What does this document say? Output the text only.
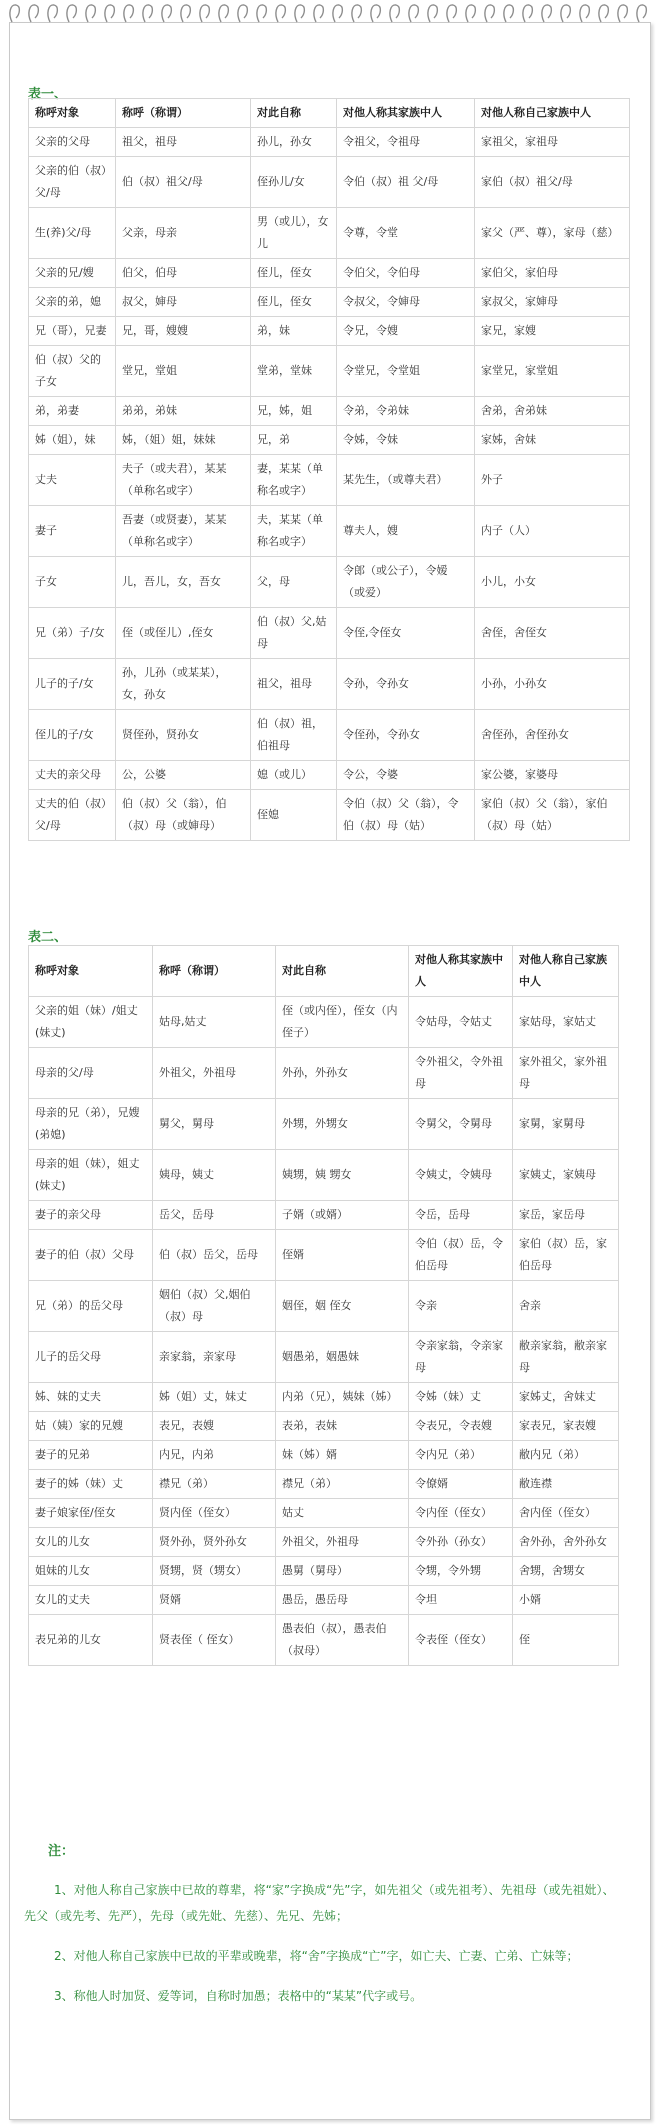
表一、
称呼对象	称呼（称谓）	对此自称	对他人称其家族中人	对他人称自己家族中人
父亲的父母	祖父，祖母	孙儿，孙女	令祖父，令祖母	家祖父，家祖母
父亲的伯（叔）父/母	伯（叔）祖父/母	侄孙儿/女	令伯（叔）祖 父/母	家伯（叔）祖父/母
生(养)父/母	父亲，母亲	男（或儿），女儿	令尊，令堂	家父（严、尊），家母（慈）
父亲的兄/嫂	伯父，伯母	侄儿，侄女	令伯父，令伯母	家伯父，家伯母
父亲的弟，媳	叔父，婶母	侄儿，侄女	令叔父，令婶母	家叔父，家婶母
兄（哥），兄妻	兄，哥，嫂嫂	弟，妹	令兄，令嫂	家兄，家嫂
伯（叔）父的子女	堂兄，堂姐	堂弟，堂妹	令堂兄，令堂姐	家堂兄，家堂姐
弟，弟妻	弟弟，弟妹	兄，姊，姐	令弟，令弟妹	舍弟，舍弟妹
姊（姐），妹	姊，（姐）姐，妹妹	兄，弟	令姊，令妹	家姊，舍妹
丈夫	夫子（或夫君），某某（单称名或字）	妻，某某（单称名或字）	某先生，（或尊夫君）	外子
妻子	吾妻（或贤妻），某某（单称名或字）	夫，某某（单称名或字）	尊夫人，嫂	内子（人）
子女	儿，吾儿，女，吾女	父，母	令郎（或公子），令嫒（或爱）	小儿，小女
兄（弟）子/女	侄（或侄儿）,侄女	伯（叔）父,姑母	令侄,令侄女	舍侄，舍侄女
儿子的子/女	孙，儿孙（或某某），女，孙女	祖父，祖母	令孙，令孙女	小孙，小孙女
侄儿的子/女	贤侄孙，贤孙女	伯（叔）祖，伯祖母	令侄孙，令孙女	舍侄孙，舍侄孙女
丈夫的亲父母	公，公婆	媳（或儿）	令公，令婆	家公婆，家婆母
丈夫的伯（叔）父/母	伯（叔）父（翁），伯（叔）母（或婶母）	侄媳	令伯（叔）父（翁），令伯（叔）母（姑）	家伯（叔）父（翁），家伯（叔）母（姑）
表二、
称呼对象	称呼（称谓）	对此自称	对他人称其家族中人	对他人称自己家族中人
父亲的姐（妹）/姐丈(妹丈)	姑母,姑丈	侄（或内侄），侄女（内侄子）	令姑母，令姑丈	家姑母，家姑丈
母亲的父/母	外祖父，外祖母	外孙，外孙女	令外祖父，令外祖母	家外祖父，家外祖母
母亲的兄（弟），兄嫂(弟媳)	舅父，舅母	外甥，外甥女	令舅父，令舅母	家舅，家舅母
母亲的姐（妹），姐丈(妹丈)	姨母，姨丈	姨甥，姨 甥女	令姨丈，令姨母	家姨丈，家姨母
妻子的亲父母	岳父，岳母	子婿（或婿）	令岳，岳母	家岳，家岳母
妻子的伯（叔）父母	伯（叔）岳父，岳母	侄婿	令伯（叔）岳，令伯岳母	家伯（叔）岳，家伯岳母
兄（弟）的岳父母	姻伯（叔）父,姻伯（叔）母	姻侄，姻 侄女	令亲	舍亲
儿子的岳父母	亲家翁，亲家母	姻愚弟，姻愚妹	令亲家翁，令亲家母	敝亲家翁，敝亲家母
姊、妹的丈夫	姊（姐）丈，妹丈	内弟（兄），姨妹（姊）	令姊（妹）丈	家姊丈，舍妹丈
姑（姨）家的兄嫂	表兄，表嫂	表弟，表妹	令表兄，令表嫂	家表兄，家表嫂
妻子的兄弟	内兄，内弟	妹（姊）婿	令内兄（弟）	敝内兄（弟）
妻子的姊（妹）丈	襟兄（弟）	襟兄（弟）	令僚婿	敝连襟
妻子娘家侄/侄女	贤内侄（侄女）	姑丈	令内侄（侄女）	舍内侄（侄女）
女儿的儿女	贤外孙，贤外孙女	外祖父，外祖母	令外孙（孙女）	舍外孙，舍外孙女
姐妹的儿女	贤甥，贤（甥女）	愚舅（舅母）	令甥，令外甥	舍甥，舍甥女
女儿的丈夫	贤婿	愚岳，愚岳母	令坦	小婿
表兄弟的儿女	贤表侄（ 侄女）	愚表伯（叔），愚表伯（叔母）	令表侄（侄女）	侄
注：
1、对他人称自己家族中已故的尊辈，将“家”字换成“先”字，如先祖父（或先祖考）、先祖母（或先祖妣）、先父（或先考、先严），先母（或先妣、先慈）、先兄、先姊；
2、对他人称自己家族中已故的平辈或晚辈，将“舍”字换成“亡”字，如亡夫、亡妻、亡弟、亡妹等；
3、称他人时加贤、爱等词，自称时加愚；表格中的“某某”代字或号。
